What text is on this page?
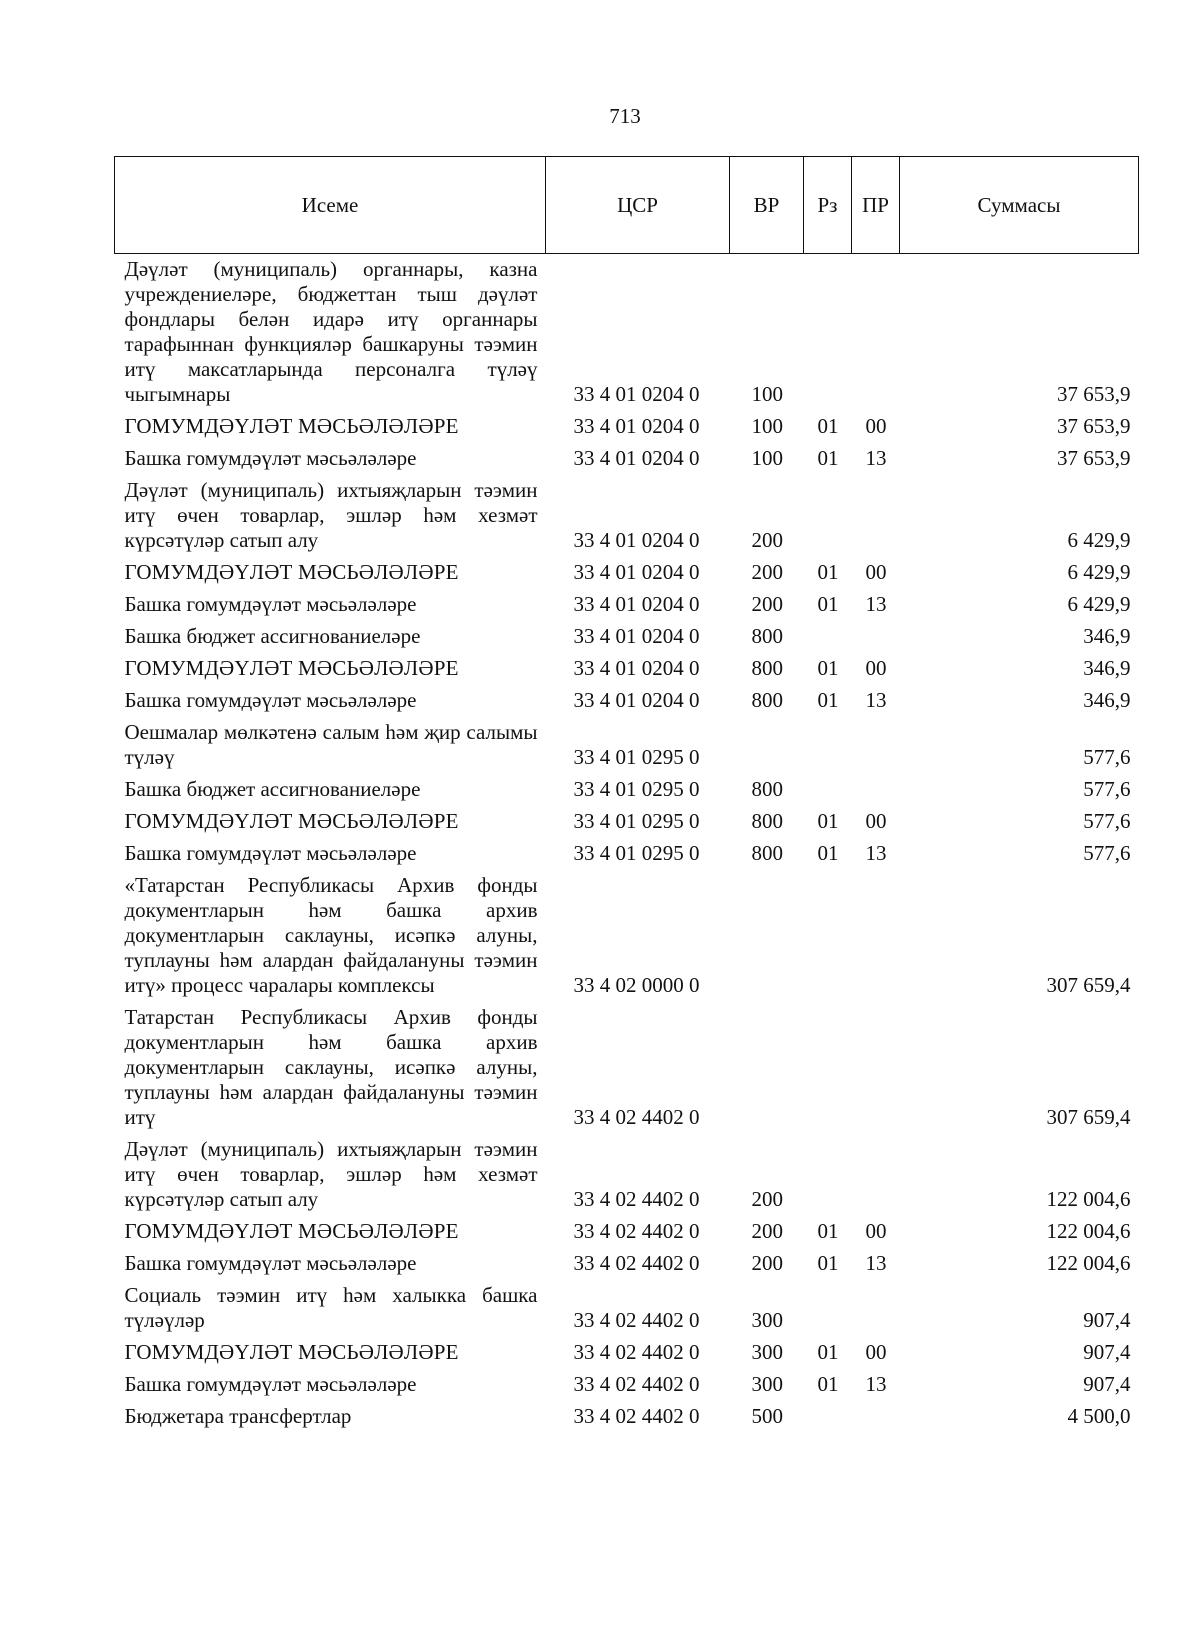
713
Исеме	ЦСР	ВР	Рз	ПР	Суммасы
Дәүләт (муниципаль) органнары, казна учреждениеләре, бюджеттан тыш дәүләт фондлары белән идарә итү органнары тарафыннан функцияләр башкаруны тәэмин итү максатларында персоналга түләү чыгымнары	33 4 01 0204 0	100			37 653,9
ГОМУМДӘҮЛӘТ МӘСЬӘЛӘЛӘРЕ	33 4 01 0204 0	100	01	00	37 653,9
Башка гомумдәүләт мәсьәләләре	33 4 01 0204 0	100	01	13	37 653,9
Дәүләт (муниципаль) ихтыяҗларын тәэмин итү өчен товарлар, эшләр һәм хезмәт күрсәтүләр сатып алу	33 4 01 0204 0	200			6 429,9
ГОМУМДӘҮЛӘТ МӘСЬӘЛӘЛӘРЕ	33 4 01 0204 0	200	01	00	6 429,9
Башка гомумдәүләт мәсьәләләре	33 4 01 0204 0	200	01	13	6 429,9
Башка бюджет ассигнованиеләре	33 4 01 0204 0	800			346,9
ГОМУМДӘҮЛӘТ МӘСЬӘЛӘЛӘРЕ	33 4 01 0204 0	800	01	00	346,9
Башка гомумдәүләт мәсьәләләре	33 4 01 0204 0	800	01	13	346,9
Оешмалар мөлкәтенә салым һәм җир салымы түләү	33 4 01 0295 0				577,6
Башка бюджет ассигнованиеләре	33 4 01 0295 0	800			577,6
ГОМУМДӘҮЛӘТ МӘСЬӘЛӘЛӘРЕ	33 4 01 0295 0	800	01	00	577,6
Башка гомумдәүләт мәсьәләләре	33 4 01 0295 0	800	01	13	577,6
«Татарстан Республикасы Архив фонды документларын һәм башка архив документларын саклауны, исәпкә алуны, туплауны һәм алардан файдалануны тәэмин итү» процесс чаралары комплексы	33 4 02 0000 0				307 659,4
Татарстан Республикасы Архив фонды документларын һәм башка архив документларын саклауны, исәпкә алуны, туплауны һәм алардан файдалануны тәэмин итү	33 4 02 4402 0				307 659,4
Дәүләт (муниципаль) ихтыяҗларын тәэмин итү өчен товарлар, эшләр һәм хезмәт күрсәтүләр сатып алу	33 4 02 4402 0	200			122 004,6
ГОМУМДӘҮЛӘТ МӘСЬӘЛӘЛӘРЕ	33 4 02 4402 0	200	01	00	122 004,6
Башка гомумдәүләт мәсьәләләре	33 4 02 4402 0	200	01	13	122 004,6
Социаль тәэмин итү һәм халыкка башка түләүләр	33 4 02 4402 0	300			907,4
ГОМУМДӘҮЛӘТ МӘСЬӘЛӘЛӘРЕ	33 4 02 4402 0	300	01	00	907,4
Башка гомумдәүләт мәсьәләләре	33 4 02 4402 0	300	01	13	907,4
Бюджетара трансфертлар	33 4 02 4402 0	500			4 500,0
